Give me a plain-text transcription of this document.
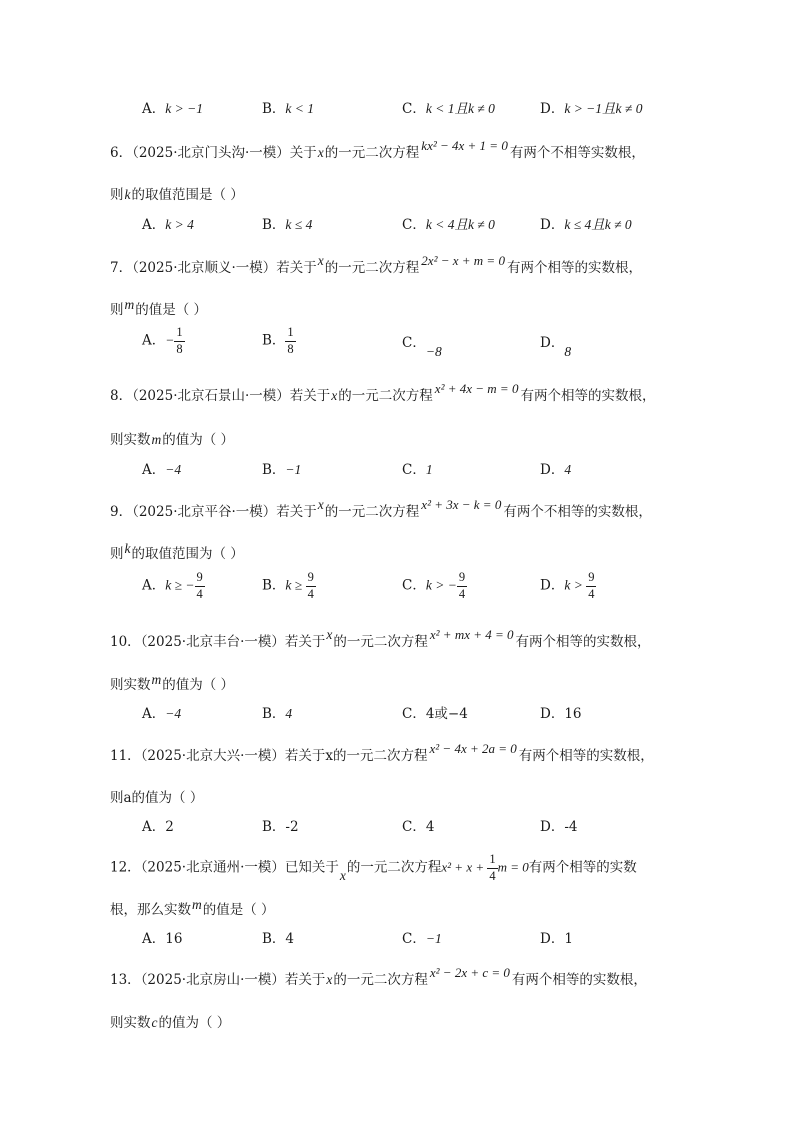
A．k > −1	B．k < 1	C．k < 1且k ≠ 0	D．k > −1且k ≠ 0
6．（2025·北京门头沟·一模）关于x的一元二次方程 kx² − 4x + 1 = 0 有两个不相等实数根，
则k的取值范围是（ ）
A．k > 4	B．k ≤ 4	C．k < 4且k ≠ 0	D．k ≤ 4且k ≠ 0
7．（2025·北京顺义·一模）若关于x的一元二次方程 2x² − x + m = 0 有两个相等的实数根，
则m的值是（ ）
A．− $\frac{1}{8}$	B． $\frac{1}{8}$	C．−8
D．8
8．（2025·北京石景山·一模）若关于x的一元二次方程 x² + 4x − m = 0 有两个相等的实数根，
则实数m的值为（ ）
A．−4	B．−1	C．1	D．4
9．（2025·北京平谷·一模）若关于x的一元二次方程 x² + 3x − k = 0 有两个不相等的实数根，
则k的取值范围为（ ）
A．k ≥ − $\frac{9}{4}$	B．$k \ge \frac{9}{4}$	C．k > − $\frac{9}{4}$	D．$k > \frac{9}{4}$
10．（2025·北京丰台·一模）若关于x的一元二次方程 x² + mx + 4 = 0 有两个相等的实数根，
则实数m的值为（ ）
A．−4	B．4	C．4或−4	D．16
11．（2025·北京大兴·一模）若关于x的一元二次方程 x² − 4x + 2a = 0 有两个相等的实数根，
则a的值为（ ）
A．2	B．-2	C．4	D．-4
12．（2025·北京通州·一模）已知关于x的一元二次方程$x^2 + x + \frac{1}{4}$ m = 0有两个相等的实数
根，那么实数m的值是（ ）
A．16	B．4	C．−1	D．1
13．（2025·北京房山·一模）若关于x的一元二次方程 x² − 2x + c = 0 有两个相等的实数根，
则实数c的值为（ ）
